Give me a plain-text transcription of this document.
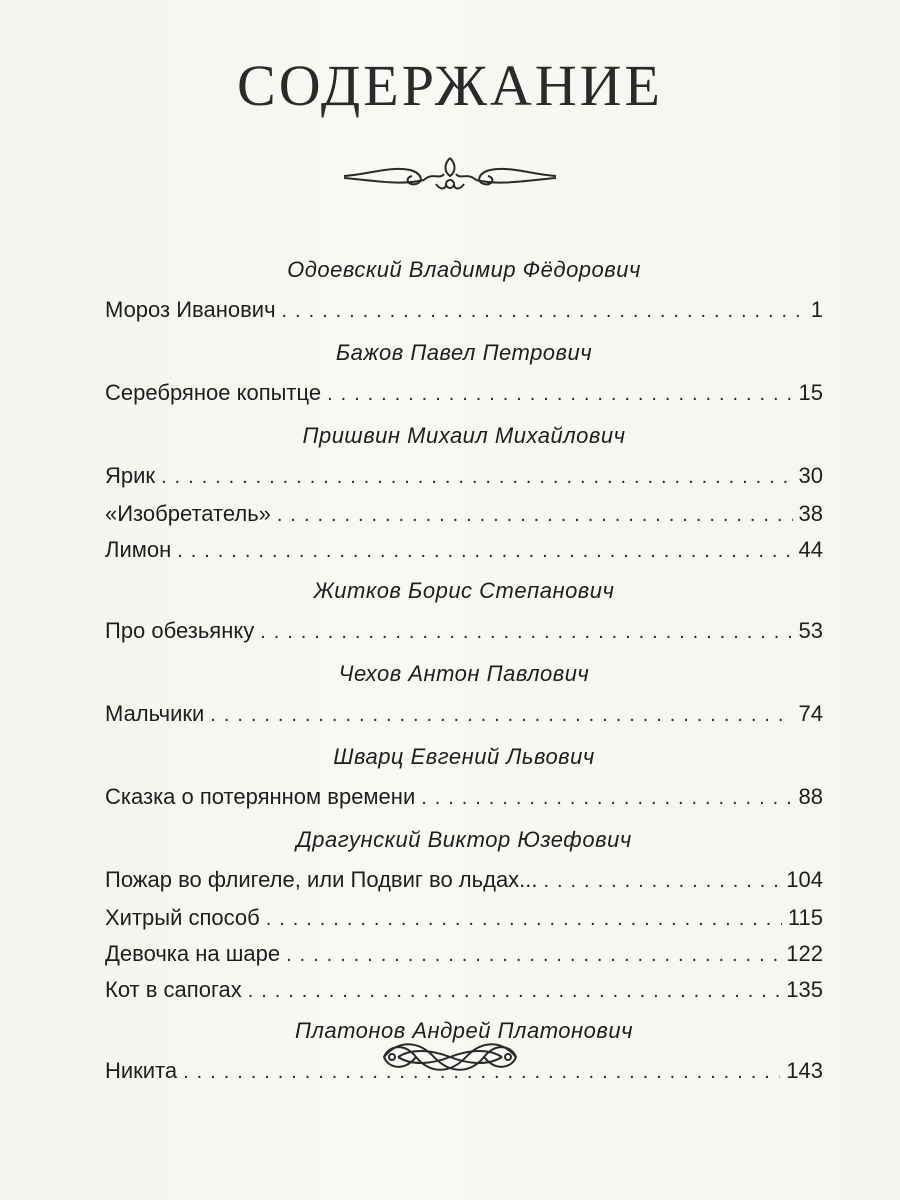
СОДЕРЖАНИЕ
Одоевский Владимир Фёдорович
Мороз Иванович . . .	1
Бажов Павел Петрович
Серебряное копытце . . .	15
Пришвин Михаил Михайлович
Ярик . . .	30
«Изобретатель» . . .	38
Лимон . . .	44
Житков Борис Степанович
Про обезьянку . . .	53
Чехов Антон Павлович
Мальчики . . .	74
Шварц Евгений Львович
Сказка о потерянном времени . . .	88
Драгунский Виктор Юзефович
Пожар во флигеле, или Подвиг во льдах... . . .	104
Хитрый способ . . .	115
Девочка на шаре . . .	122
Кот в сапогах . . .	135
Платонов Андрей Платонович
Никита . . .	143
